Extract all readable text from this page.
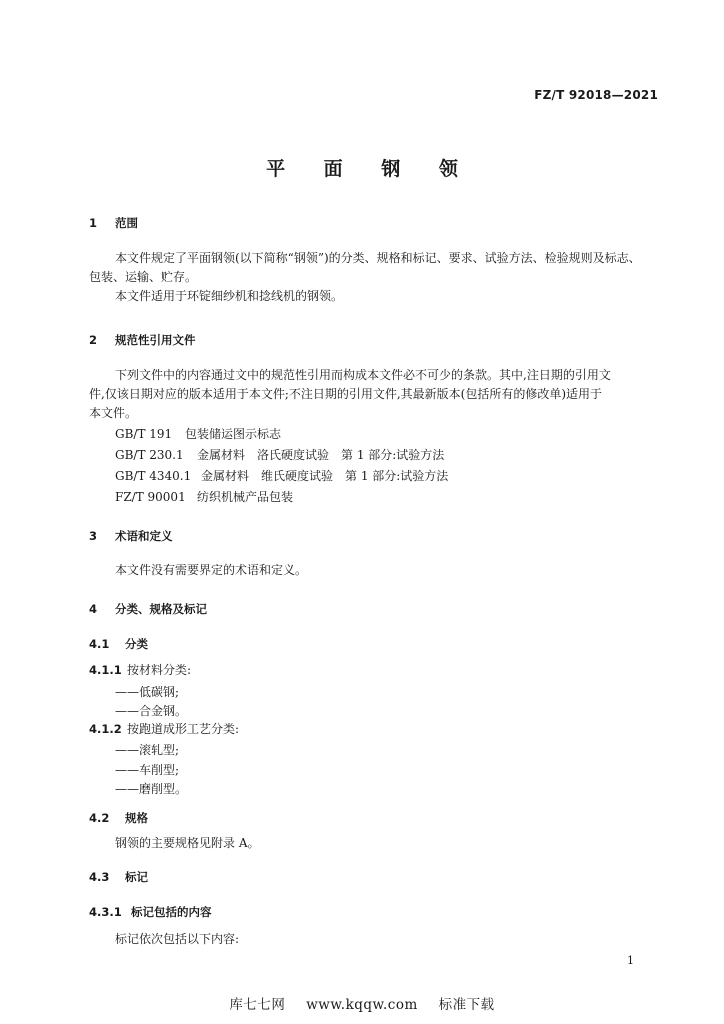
FZ/T 92018—2021
平 面 钢 领
1 范围
本文件规定了平面钢领(以下简称“钢领”)的分类、规格和标记、要求、试验方法、检验规则及标志、
包装、运输、贮存。
本文件适用于环锭细纱机和捻线机的钢领。
2 规范性引用文件
下列文件中的内容通过文中的规范性引用而构成本文件必不可少的条款。其中,注日期的引用文
件,仅该日期对应的版本适用于本文件;不注日期的引用文件,其最新版本(包括所有的修改单)适用于
本文件。
GB/T 191 包装储运图示标志
GB/T 230.1 金属材料　洛氏硬度试验　第 1 部分:试验方法
GB/T 4340.1 金属材料　维氏硬度试验　第 1 部分:试验方法
FZ/T 90001 纺织机械产品包装
3 术语和定义
本文件没有需要界定的术语和定义。
4 分类、规格及标记
4.1 分类
4.1.1 按材料分类:
——低碳钢;
——合金钢。
4.1.2 按跑道成形工艺分类:
——滚轧型;
——车削型;
——磨削型。
4.2 规格
钢领的主要规格见附录 A。
4.3 标记
4.3.1 标记包括的内容
标记依次包括以下内容:
1
库七七网 www.kqqw.com 标准下载
